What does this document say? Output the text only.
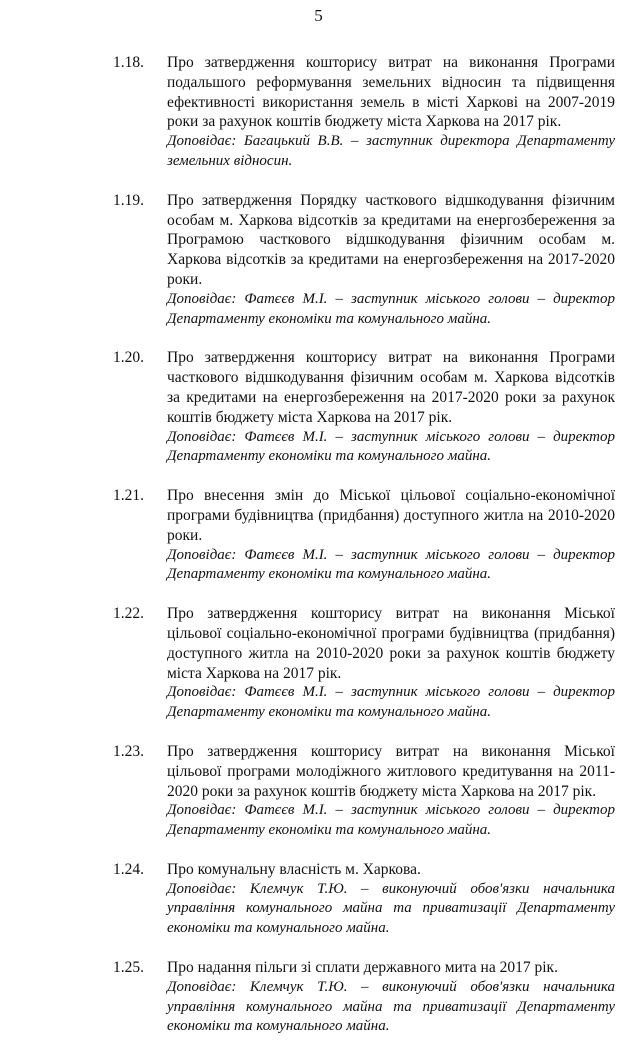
5
1.18.	Про затвердження кошторису витрат на виконання Програми подальшого реформування земельних відносин та підвищення ефективності використання земель в місті Харкові на 2007-2019 роки за рахунок коштів бюджету міста Харкова на 2017 рік.
Доповідає: Багацький В.В. – заступник директора Департаменту земельних відносин.
1.19.	Про затвердження Порядку часткового відшкодування фізичним особам м. Харкова відсотків за кредитами на енергозбереження за Програмою часткового відшкодування фізичним особам м. Харкова відсотків за кредитами на енергозбереження на 2017-2020 роки.
Доповідає: Фатєєв М.І. – заступник міського голови – директор Департаменту економіки та комунального майна.
1.20.	Про затвердження кошторису витрат на виконання Програми часткового відшкодування фізичним особам м. Харкова відсотків за кредитами на енергозбереження на 2017-2020 роки за рахунок коштів бюджету міста Харкова на 2017 рік.
Доповідає: Фатєєв М.І. – заступник міського голови – директор Департаменту економіки та комунального майна.
1.21.	Про внесення змін до Міської цільової соціально-економічної програми будівництва (придбання) доступного житла на 2010-2020 роки.
Доповідає: Фатєєв М.І. – заступник міського голови – директор Департаменту економіки та комунального майна.
1.22.	Про затвердження кошторису витрат на виконання Міської цільової соціально-економічної програми будівництва (придбання) доступного житла на 2010-2020 роки за рахунок коштів бюджету міста Харкова на 2017 рік.
Доповідає: Фатєєв М.І. – заступник міського голови – директор Департаменту економіки та комунального майна.
1.23.	Про затвердження кошторису витрат на виконання Міської цільової програми молодіжного житлового кредитування на 2011-2020 роки за рахунок коштів бюджету міста Харкова на 2017 рік.
Доповідає: Фатєєв М.І. – заступник міського голови – директор Департаменту економіки та комунального майна.
1.24.	Про комунальну власність м. Харкова.
Доповідає: Клемчук Т.Ю. – виконуючий обов'язки начальника управління комунального майна та приватизації Департаменту економіки та комунального майна.
1.25.	Про надання пільги зі сплати державного мита на 2017 рік.
Доповідає: Клемчук Т.Ю. – виконуючий обов'язки начальника управління комунального майна та приватизації Департаменту економіки та комунального майна.
